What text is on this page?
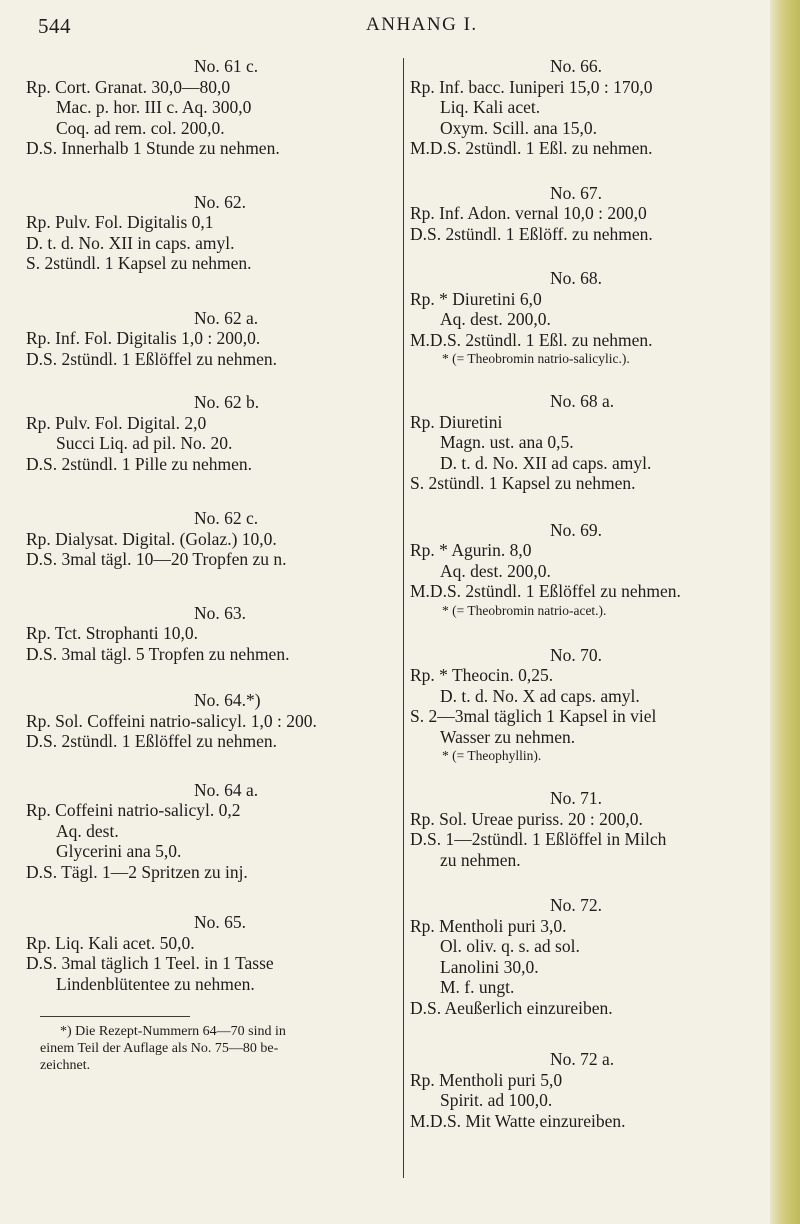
544	ANHANG I.
No. 61 c.
Rp. Cort. Granat. 30,0—80,0
Mac. p. hor. III c. Aq. 300,0
Coq. ad rem. col. 200,0.
D.S. Innerhalb 1 Stunde zu nehmen.
No. 62.
Rp. Pulv. Fol. Digitalis 0,1
D. t. d. No. XII in caps. amyl.
S. 2stündl. 1 Kapsel zu nehmen.
No. 62 a.
Rp. Inf. Fol. Digitalis 1,0 : 200,0.
D.S. 2stündl. 1 Eßlöffel zu nehmen.
No. 62 b.
Rp. Pulv. Fol. Digital. 2,0
Succi Liq. ad pil. No. 20.
D.S. 2stündl. 1 Pille zu nehmen.
No. 62 c.
Rp. Dialysat. Digital. (Golaz.) 10,0.
D.S. 3mal tägl. 10—20 Tropfen zu n.
No. 63.
Rp. Tct. Strophanti 10,0.
D.S. 3mal tägl. 5 Tropfen zu nehmen.
No. 64.*)
Rp. Sol. Coffeini natrio-salicyl. 1,0 : 200.
D.S. 2stündl. 1 Eßlöffel zu nehmen.
No. 64 a.
Rp. Coffeini natrio-salicyl. 0,2
Aq. dest.
Glycerini ana 5,0.
D.S. Tägl. 1—2 Spritzen zu inj.
No. 65.
Rp. Liq. Kali acet. 50,0.
D.S. 3mal täglich 1 Teel. in 1 Tasse
Lindenblütentee zu nehmen.
*) Die Rezept-Nummern 64—70 sind in
einem Teil der Auflage als No. 75—80 be-
zeichnet.
No. 66.
Rp. Inf. bacc. Iuniperi 15,0 : 170,0
Liq. Kali acet.
Oxym. Scill. ana 15,0.
M.D.S. 2stündl. 1 Eßl. zu nehmen.
No. 67.
Rp. Inf. Adon. vernal 10,0 : 200,0
D.S. 2stündl. 1 Eßlöff. zu nehmen.
No. 68.
Rp. * Diuretini 6,0
Aq. dest. 200,0.
M.D.S. 2stündl. 1 Eßl. zu nehmen.
* (= Theobromin natrio-salicylic.).
No. 68 a.
Rp. Diuretini
Magn. ust. ana 0,5.
D. t. d. No. XII ad caps. amyl.
S. 2stündl. 1 Kapsel zu nehmen.
No. 69.
Rp. * Agurin. 8,0
Aq. dest. 200,0.
M.D.S. 2stündl. 1 Eßlöffel zu nehmen.
* (= Theobromin natrio-acet.).
No. 70.
Rp. * Theocin. 0,25.
D. t. d. No. X ad caps. amyl.
S. 2—3mal täglich 1 Kapsel in viel
Wasser zu nehmen.
* (= Theophyllin).
No. 71.
Rp. Sol. Ureae puriss. 20 : 200,0.
D.S. 1—2stündl. 1 Eßlöffel in Milch
zu nehmen.
No. 72.
Rp. Mentholi puri 3,0.
Ol. oliv. q. s. ad sol.
Lanolini 30,0.
M. f. ungt.
D.S. Aeußerlich einzureiben.
No. 72 a.
Rp. Mentholi puri 5,0
Spirit. ad 100,0.
M.D.S. Mit Watte einzureiben.
